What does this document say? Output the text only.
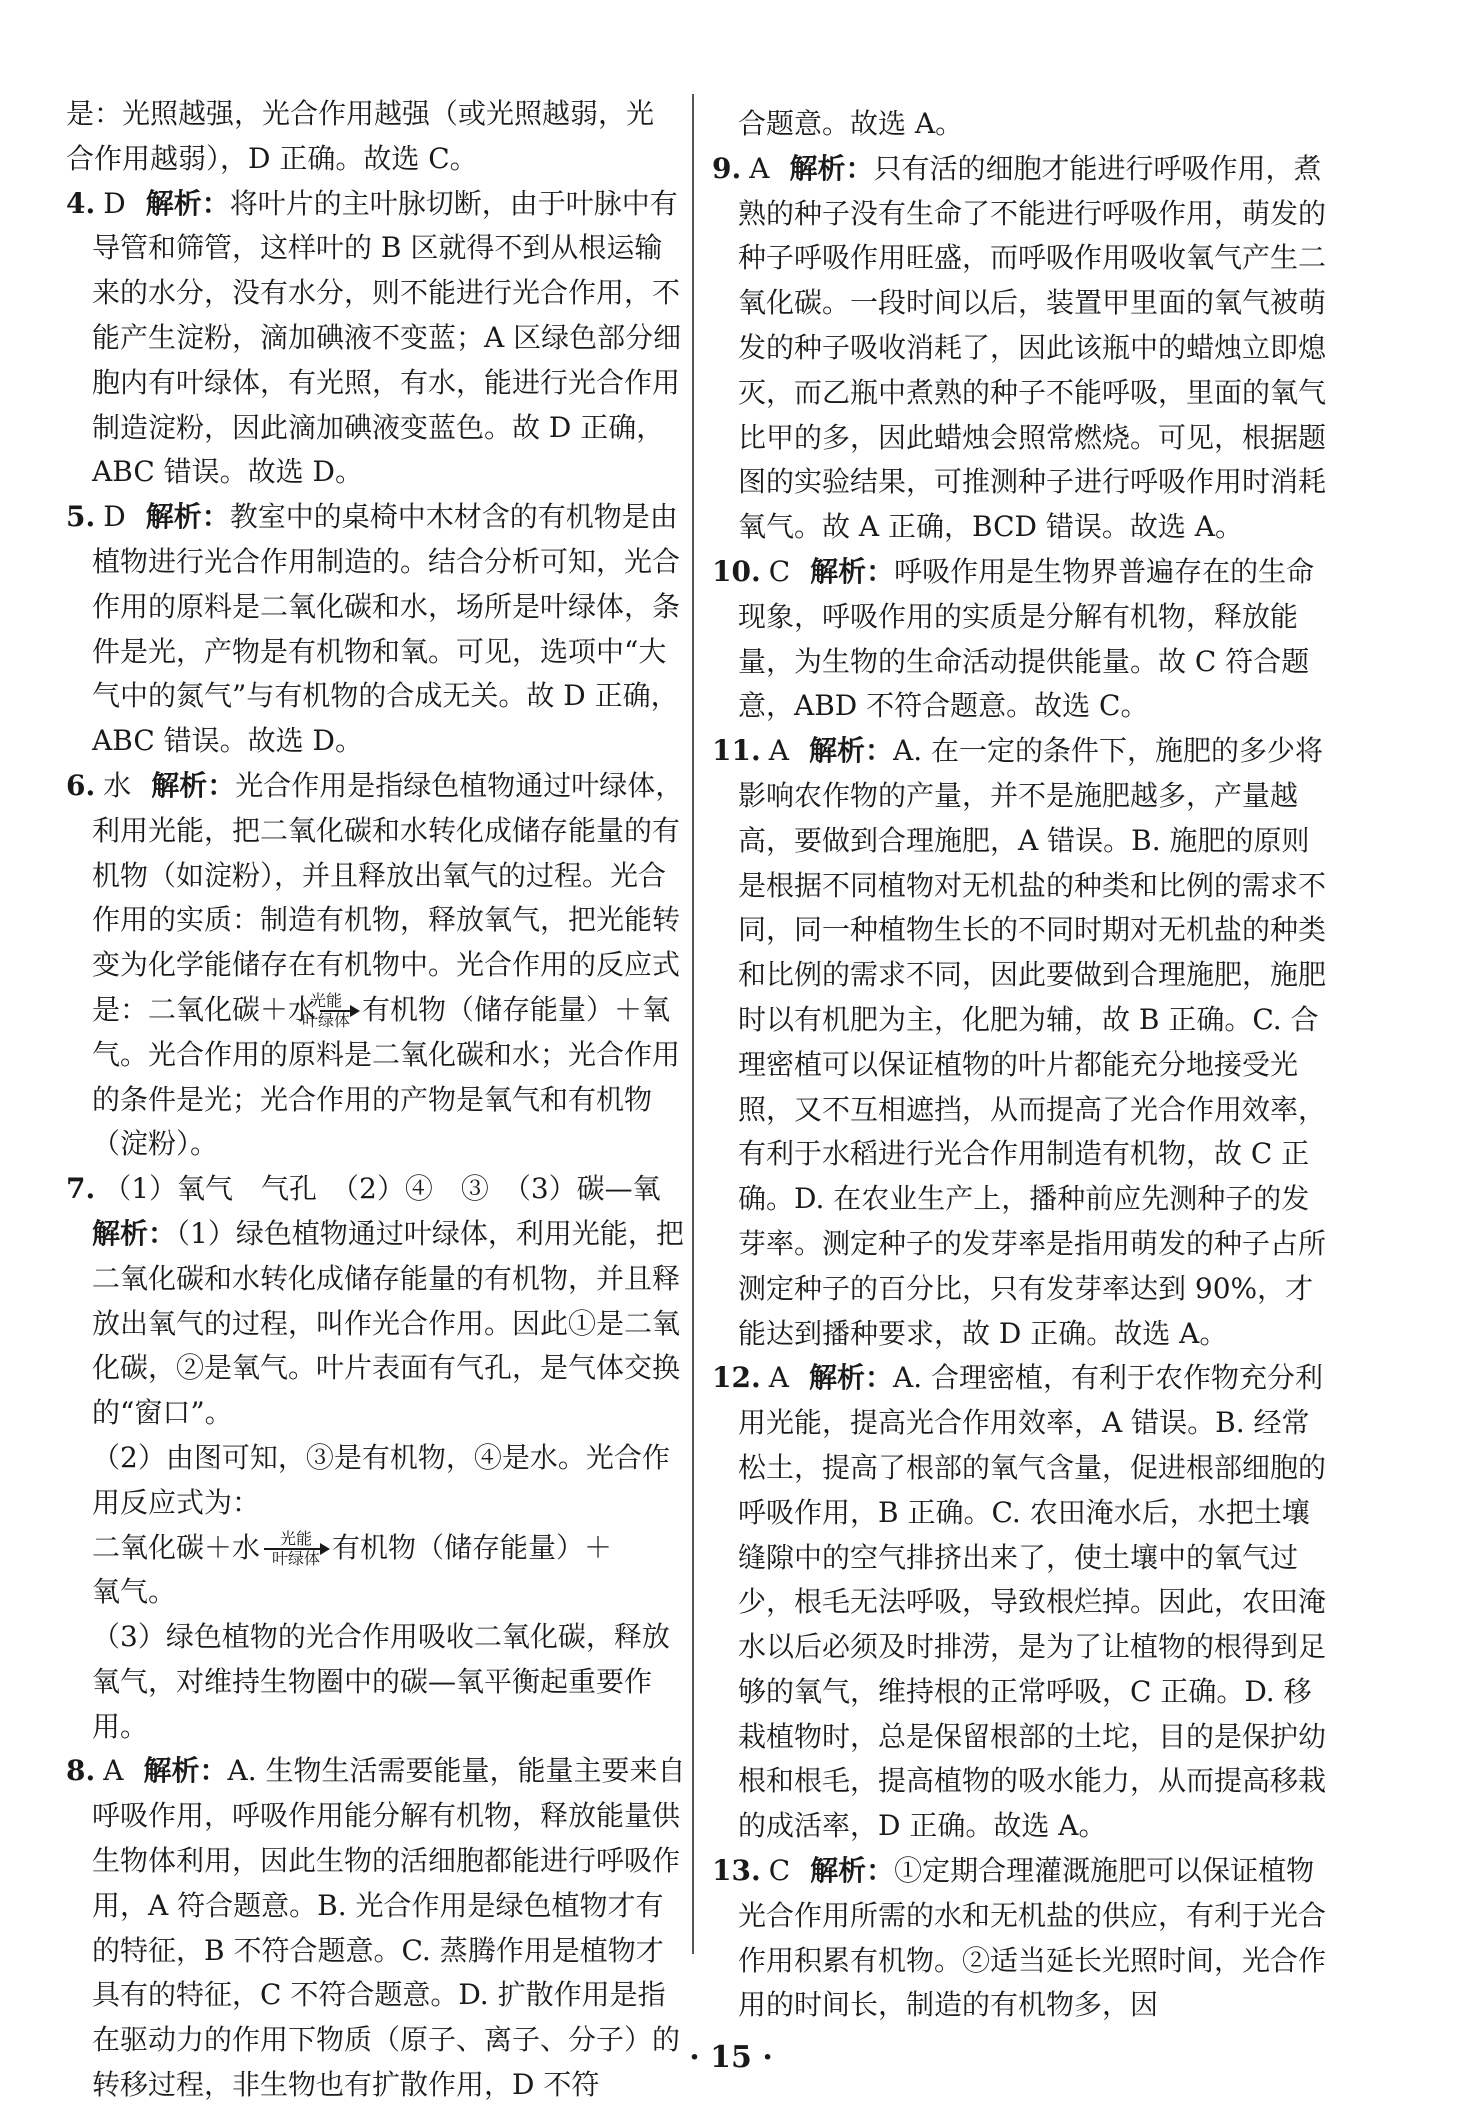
是：光照越强，光合作用越强（或光照越弱，光
合作用越弱），D 正确。故选 C。

4. D 解析：将叶片的主叶脉切断，由于叶脉中有导管和筛管，这样叶的 B 区就得不到从根运输来的水分，没有水分，则不能进行光合作用，不能产生淀粉，滴加碘液不变蓝；A 区绿色部分细胞内有叶绿体，有光照，有水，能进行光合作用制造淀粉，因此滴加碘液变蓝色。故 D 正确，ABC 错误。故选 D。

5. D 解析：教室中的桌椅中木材含的有机物是由植物进行光合作用制造的。结合分析可知，光合作用的原料是二氧化碳和水，场所是叶绿体，条件是光，产物是有机物和氧。可见，选项中“大气中的氮气”与有机物的合成无关。故 D 正确，ABC 错误。故选 D。

6. 水 解析：光合作用是指绿色植物通过叶绿体，利用光能，把二氧化碳和水转化成储存能量的有机物（如淀粉），并且释放出氧气的过程。光合作用的实质：制造有机物，释放氧气，把光能转变为化学能储存在有机物中。光合作用的反应式是：二氧化碳＋水 $\frac{\text{光能}}{\text{叶绿体}}$ 有机物（储存能量）＋氧气。光合作用的原料是二氧化碳和水；光合作用的条件是光；光合作用的产物是氧气和有机物（淀粉）。

7. （1）氧气　气孔　（2）④　③　（3）碳—氧

解析：（1）绿色植物通过叶绿体，利用光能，把二氧化碳和水转化成储存能量的有机物，并且释放出氧气的过程，叫作光合作用。因此①是二氧化碳，②是氧气。叶片表面有气孔，是气体交换的“窗口”。

（2）由图可知，③是有机物，④是水。光合作用反应式为：

二氧化碳＋水 $\frac{\text{光能}}{\text{叶绿体}}$ 有机物（储存能量）＋
氧气。

（3）绿色植物的光合作用吸收二氧化碳，释放氧气，对维持生物圈中的碳—氧平衡起重要作用。

8. A 解析：A. 生物生活需要能量，能量主要来自呼吸作用，呼吸作用能分解有机物，释放能量供生物体利用，因此生物的活细胞都能进行呼吸作用，A 符合题意。B. 光合作用是绿色植物才有的特征，B 不符合题意。C. 蒸腾作用是植物才具有的特征，C 不符合题意。D. 扩散作用是指在驱动力的作用下物质（原子、离子、分子）的转移过程，非生物也有扩散作用，D 不符

合题意。故选 A。

9. A 解析：只有活的细胞才能进行呼吸作用，煮熟的种子没有生命了不能进行呼吸作用，萌发的种子呼吸作用旺盛，而呼吸作用吸收氧气产生二氧化碳。一段时间以后，装置甲里面的氧气被萌发的种子吸收消耗了，因此该瓶中的蜡烛立即熄灭，而乙瓶中煮熟的种子不能呼吸，里面的氧气比甲的多，因此蜡烛会照常燃烧。可见，根据题图的实验结果，可推测种子进行呼吸作用时消耗氧气。故 A 正确，BCD 错误。故选 A。

10. C 解析：呼吸作用是生物界普遍存在的生命现象，呼吸作用的实质是分解有机物，释放能量，为生物的生命活动提供能量。故 C 符合题意，ABD 不符合题意。故选 C。

11. A 解析：A. 在一定的条件下，施肥的多少将影响农作物的产量，并不是施肥越多，产量越高，要做到合理施肥，A 错误。B. 施肥的原则是根据不同植物对无机盐的种类和比例的需求不同，同一种植物生长的不同时期对无机盐的种类和比例的需求不同，因此要做到合理施肥，施肥时以有机肥为主，化肥为辅，故 B 正确。C. 合理密植可以保证植物的叶片都能充分地接受光照，又不互相遮挡，从而提高了光合作用效率，有利于水稻进行光合作用制造有机物，故 C 正确。D. 在农业生产上，播种前应先测种子的发芽率。测定种子的发芽率是指用萌发的种子占所测定种子的百分比，只有发芽率达到 90%，才能达到播种要求，故 D 正确。故选 A。

12. A 解析：A. 合理密植，有利于农作物充分利用光能，提高光合作用效率，A 错误。B. 经常松土，提高了根部的氧气含量，促进根部细胞的呼吸作用，B 正确。C. 农田淹水后，水把土壤缝隙中的空气排挤出来了，使土壤中的氧气过少，根毛无法呼吸，导致根烂掉。因此，农田淹水以后必须及时排涝，是为了让植物的根得到足够的氧气，维持根的正常呼吸，C 正确。D. 移栽植物时，总是保留根部的土坨，目的是保护幼根和根毛，提高植物的吸水能力，从而提高移栽的成活率，D 正确。故选 A。

13. C 解析：①定期合理灌溉施肥可以保证植物光合作用所需的水和无机盐的供应，有利于光合作用积累有机物。②适当延长光照时间，光合作用的时间长，制造的有机物多，因

· 15 ·
